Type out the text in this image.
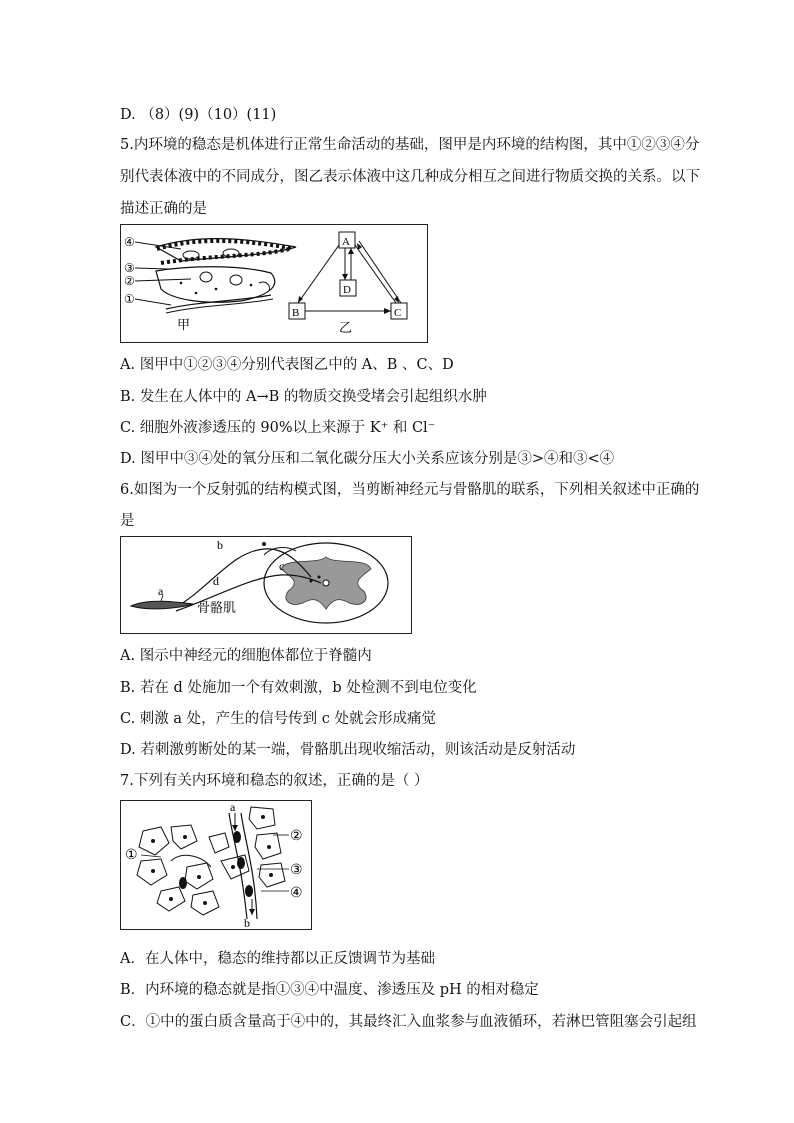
D. （8）(9)（10）(11)
5.内环境的稳态是机体进行正常生命活动的基础，图甲是内环境的结构图，其中①②③④分
别代表体液中的不同成分，图乙表示体液中这几种成分相互之间进行物质交换的关系。以下
描述正确的是
④
③
②
①
甲
A
D
B	C
乙
A. 图甲中①②③④分别代表图乙中的 A、B 、C、D
B. 发生在人体中的 A→B 的物质交换受堵会引起组织水肿
C. 细胞外液渗透压的 90%以上来源于 K⁺ 和 Cl⁻
D. 图甲中③④处的氧分压和二氧化碳分压大小关系应该分别是③>④和③<④
6.如图为一个反射弧的结构模式图，当剪断神经元与骨骼肌的联系，下列相关叙述中正确的
是
a
b
c
d
骨骼肌
A. 图示中神经元的细胞体都位于脊髓内
B. 若在 d 处施加一个有效刺激，b 处检测不到电位变化
C. 刺激 a 处，产生的信号传到 c 处就会形成痛觉
D. 若刺激剪断处的某一端，骨骼肌出现收缩活动，则该活动是反射活动
7.下列有关内环境和稳态的叙述，正确的是（ ）
a
b
①
②
③
④
A．在人体中，稳态的维持都以正反馈调节为基础
B．内环境的稳态就是指①③④中温度、渗透压及 pH 的相对稳定
C．①中的蛋白质含量高于④中的，其最终汇入血浆参与血液循环，若淋巴管阻塞会引起组
